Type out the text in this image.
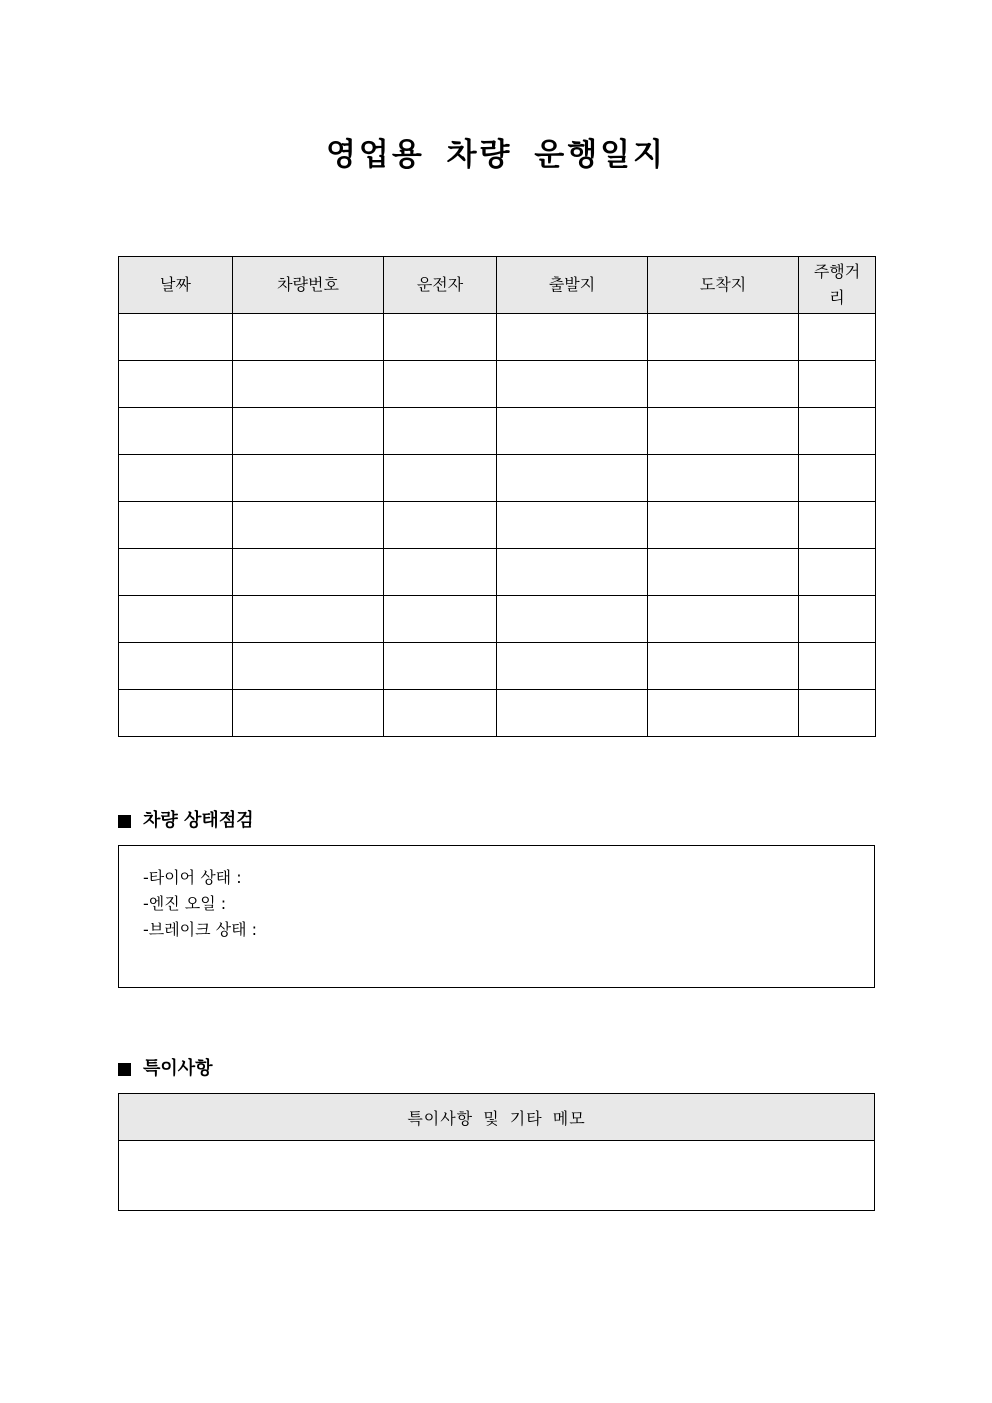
영업용 차량 운행일지
날짜	차량번호	운전자	출발지	도착지	주행거리

차량 상태점검
-타이어 상태 :
-엔진 오일 :
-브레이크 상태 :
특이사항
특이사항 및 기타 메모
